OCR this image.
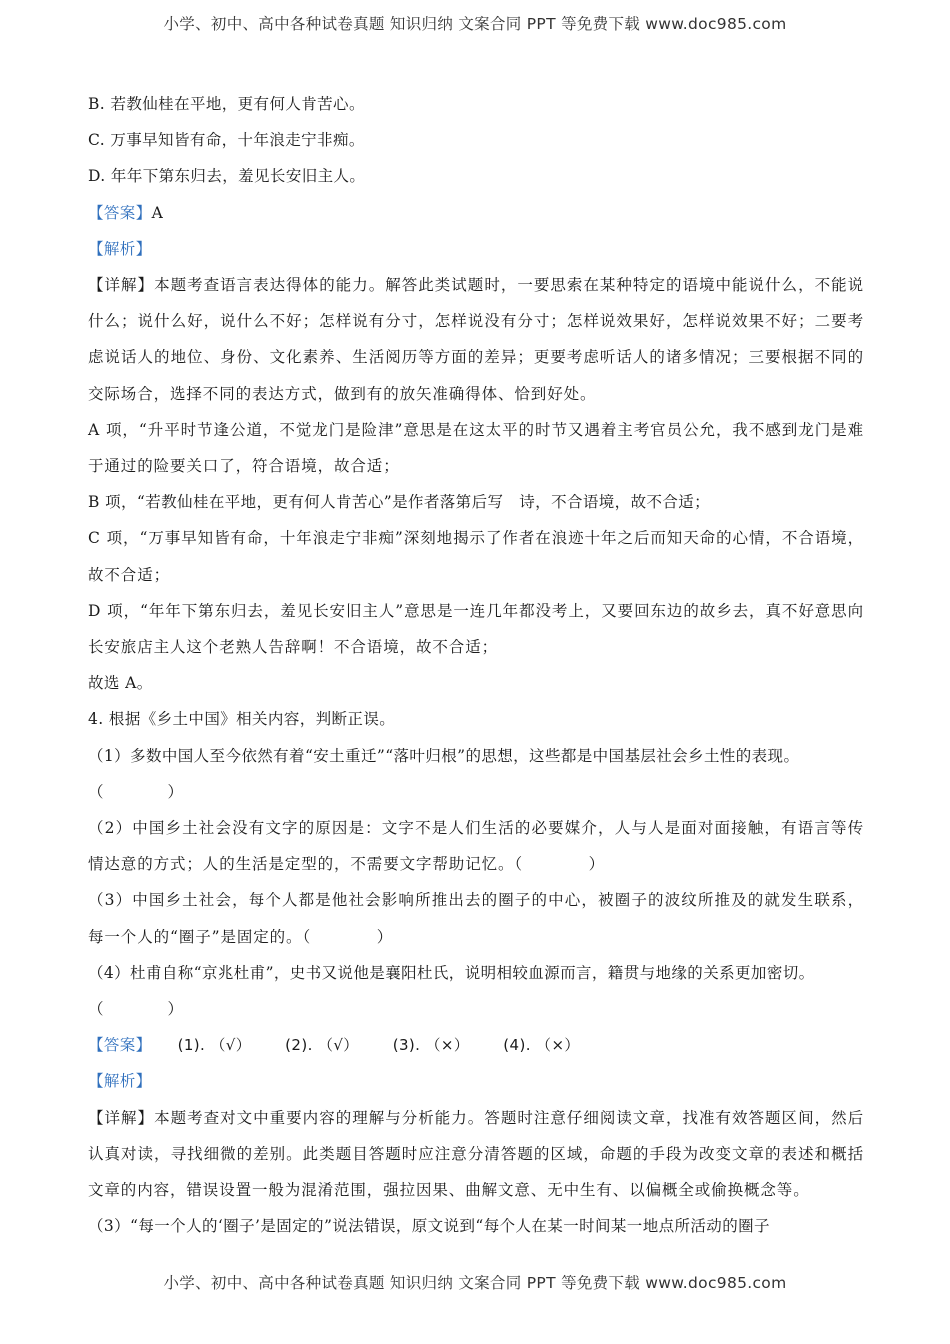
小学、初中、高中各种试卷真题 知识归纳 文案合同 PPT 等免费下载 www.doc985.com
B. 若教仙桂在平地，更有何人肯苦心。
C. 万事早知皆有命，十年浪走宁非痴。
D. 年年下第东归去，羞见长安旧主人。
【答案】A
【解析】
【详解】本题考查语言表达得体的能力。解答此类试题时，一要思索在某种特定的语境中能说什么，不能说什么；说什么好，说什么不好；怎样说有分寸，怎样说没有分寸；怎样说效果好，怎样说效果不好；二要考虑说话人的地位、身份、文化素养、生活阅历等方面的差异；更要考虑听话人的诸多情况；三要根据不同的交际场合，选择不同的表达方式，做到有的放矢准确得体、恰到好处。
A 项，“升平时节逢公道，不觉龙门是险津”意思是在这太平的时节又遇着主考官员公允，我不感到龙门是难于通过的险要关口了，符合语境，故合适；
B 项，“若教仙桂在平地，更有何人肯苦心”是作者落第后写　诗，不合语境，故不合适；
C 项，“万事早知皆有命，十年浪走宁非痴”深刻地揭示了作者在浪迹十年之后而知天命的心情，不合语境，故不合适；
D 项，“年年下第东归去，羞见长安旧主人”意思是一连几年都没考上，又要回东边的故乡去，真不好意思向长安旅店主人这个老熟人告辞啊！不合语境，故不合适；
故选 A。
4. 根据《乡土中国》相关内容，判断正误。
（1）多数中国人至今依然有着“安土重迁”“落叶归根”的思想，这些都是中国基层社会乡土性的表现。
（　　　　）
（2）中国乡土社会没有文字的原因是：文字不是人们生活的必要媒介，人与人是面对面接触，有语言等传情达意的方式；人的生活是定型的，不需要文字帮助记忆。（　　　　）
（3）中国乡土社会，每个人都是他社会影响所推出去的圈子的中心，被圈子的波纹所推及的就发生联系，每一个人的“圈子”是固定的。（　　　　）
（4）杜甫自称“京兆杜甫”，史书又说他是襄阳杜氏，说明相较血源而言，籍贯与地缘的关系更加密切。
（　　　　）
【答案】 (1). （√） (2). （√） (3). （×） (4). （×）
【解析】
【详解】本题考查对文中重要内容的理解与分析能力。答题时注意仔细阅读文章，找准有效答题区间，然后认真对读，寻找细微的差别。此类题目答题时应注意分清答题的区域，命题的手段为改变文章的表述和概括文章的内容，错误设置一般为混淆范围，强拉因果、曲解文意、无中生有、以偏概全或偷换概念等。
（3）“每一个人的‘圈子’是固定的”说法错误，原文说到“每个人在某一时间某一地点所活动的圈子
小学、初中、高中各种试卷真题 知识归纳 文案合同 PPT 等免费下载 www.doc985.com
